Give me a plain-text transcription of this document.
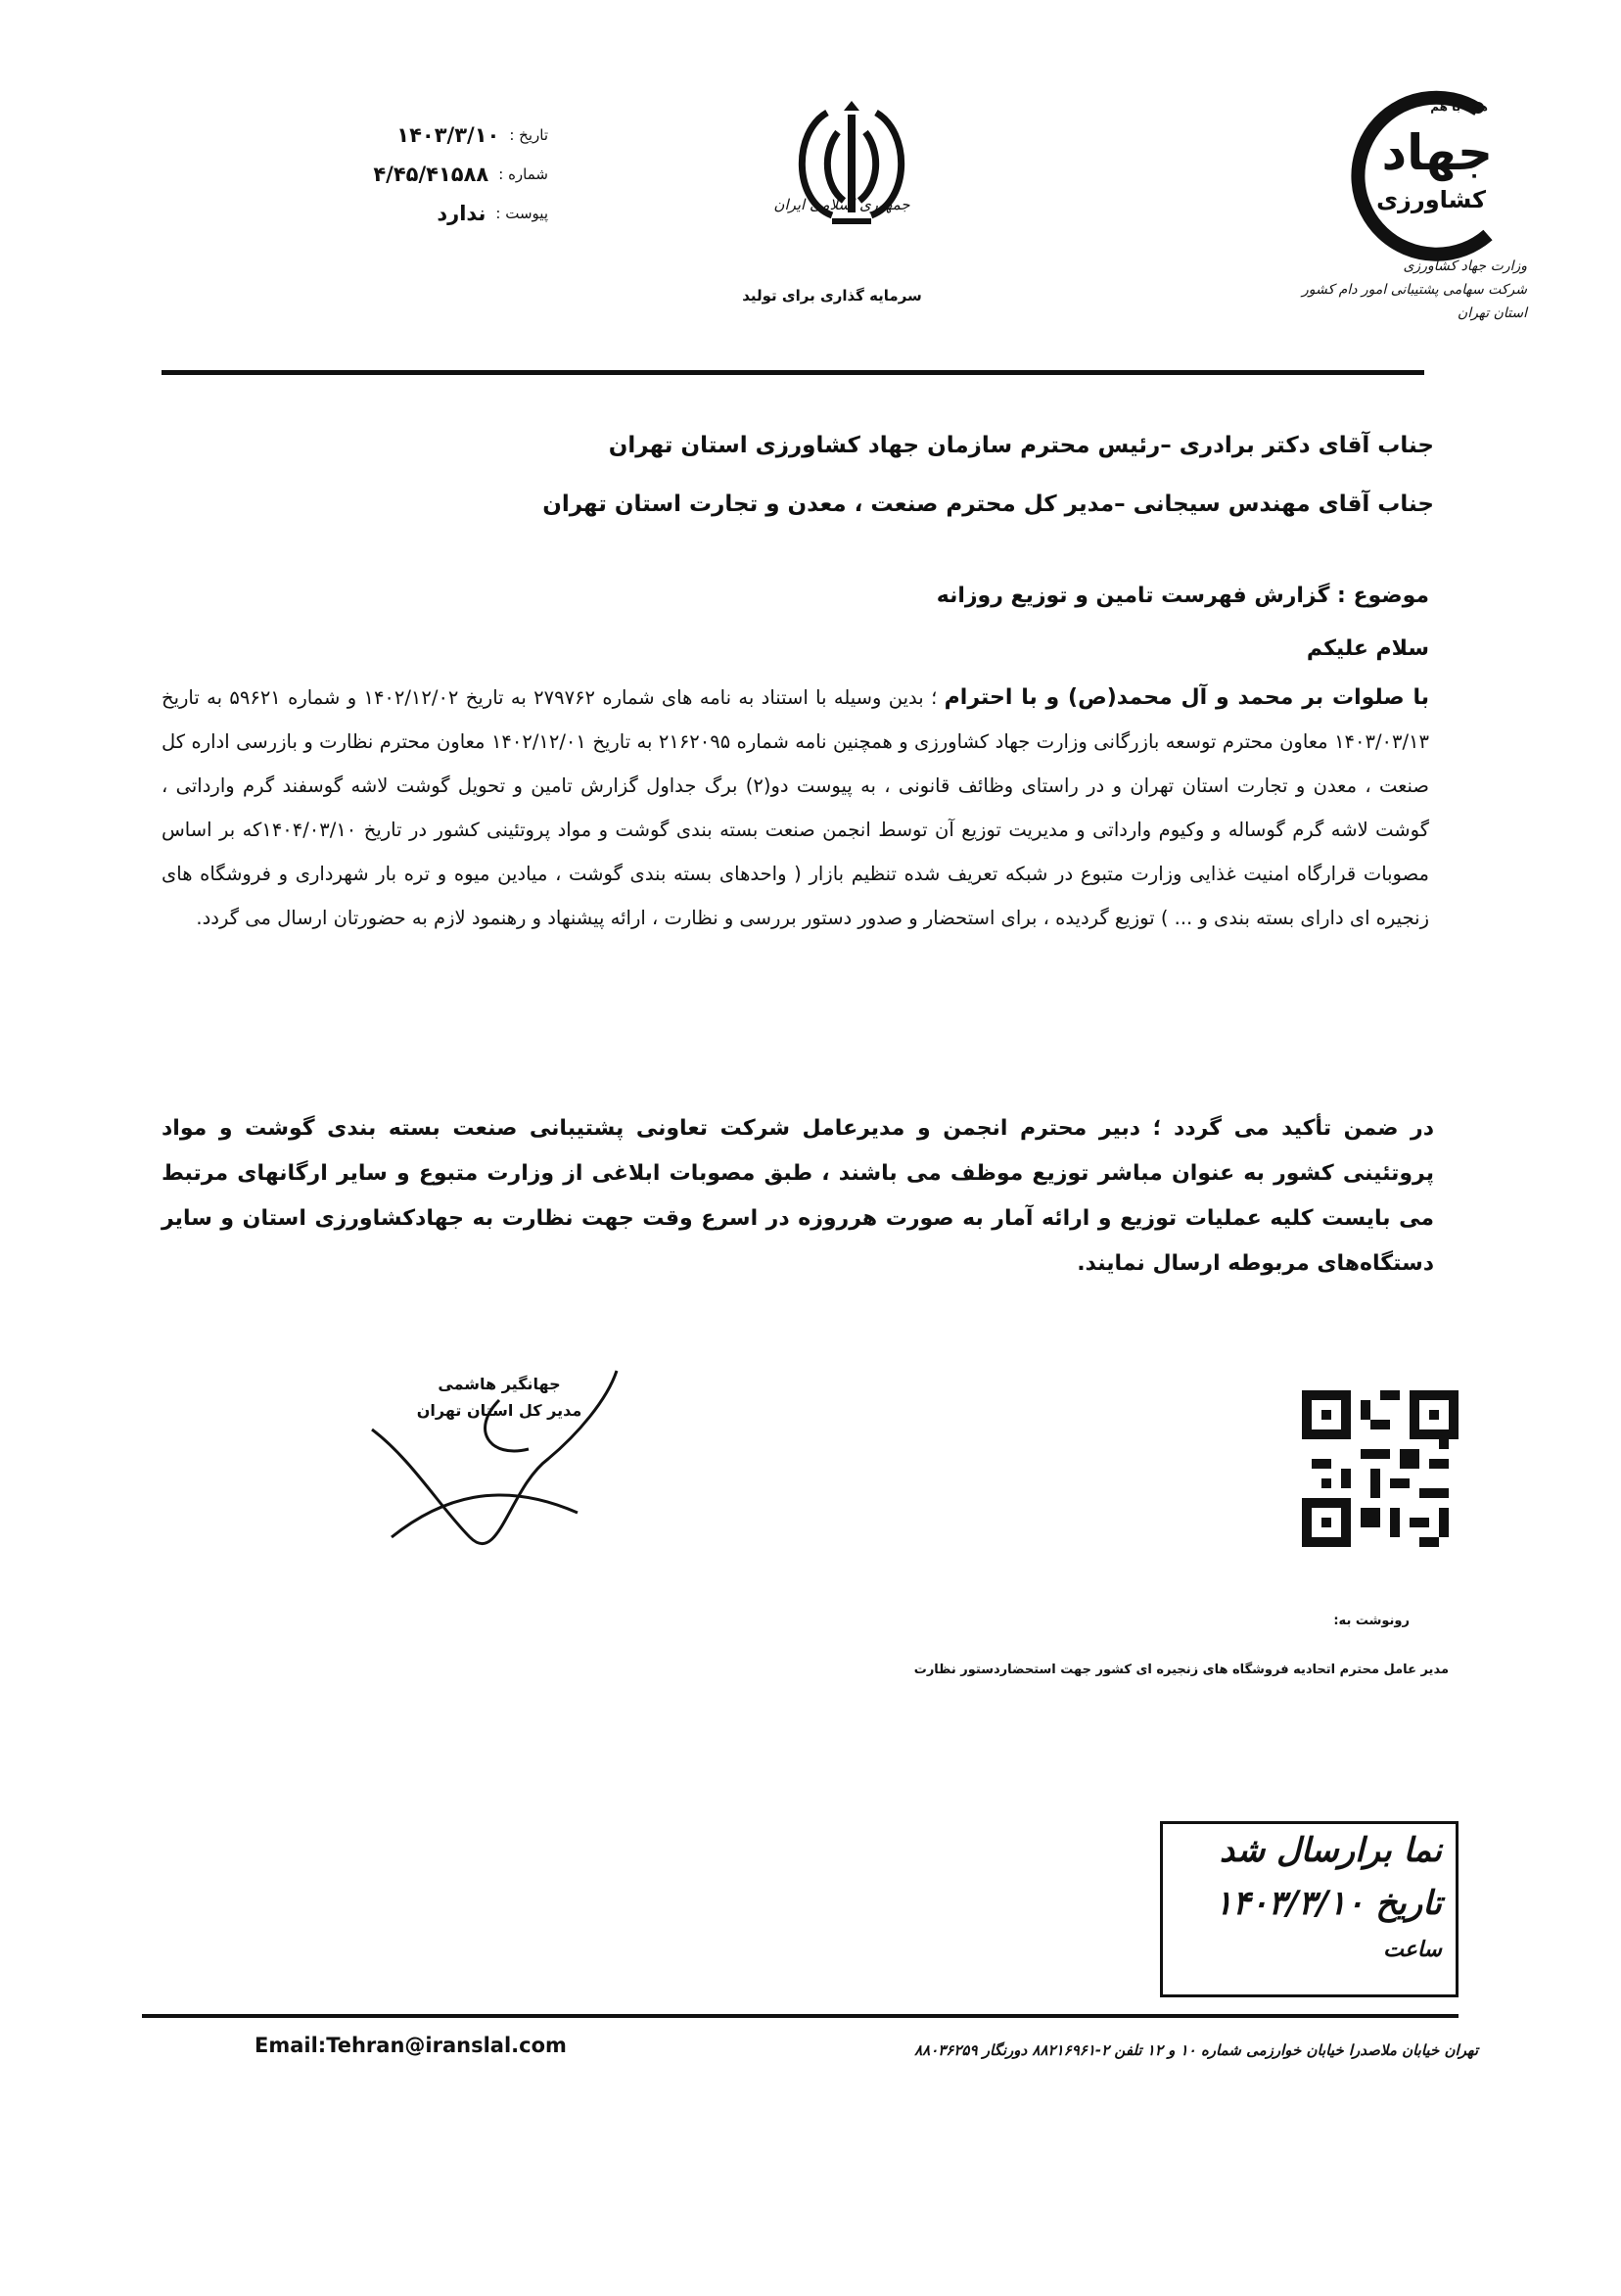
تاریخ :
۱۴۰۳/۳/۱۰
شماره :
۴/۴۵/۴۱۵۸۸
پیوست :
ندارد	جمهوری اسلامی ایران
سرمایه گذاری برای تولید
همه با هم
جهاد
کشاورزی
وزارت جهاد کشاورزی
شرکت سهامی پشتیبانی امور دام کشور
استان تهران
جناب آقای دکتر برادری –رئیس محترم سازمان جهاد کشاورزی استان تهران
جناب آقای مهندس سیجانی –مدیر کل محترم صنعت ، معدن و تجارت استان تهران
موضوع : گزارش فهرست تامین و توزیع روزانه
سلام علیکم
با صلوات بر محمد و آل محمد(ص) و با احترام ؛ بدین وسیله با استناد به نامه های شماره ۲۷۹۷۶۲ به تاریخ ۱۴۰۲/۱۲/۰۲ و شماره ۵۹۶۲۱ به تاریخ ۱۴۰۳/۰۳/۱۳ معاون محترم توسعه بازرگانی وزارت جهاد کشاورزی و همچنین نامه شماره ۲۱۶۲۰۹۵ به تاریخ ۱۴۰۲/۱۲/۰۱ معاون محترم نظارت و بازرسی اداره کل صنعت ، معدن و تجارت استان تهران و در راستای وظائف قانونی ، به پیوست دو(۲) برگ جداول گزارش تامین و تحویل گوشت لاشه گوسفند گرم وارداتی ، گوشت لاشه گرم گوساله و وکیوم وارداتی و مدیریت توزیع آن توسط انجمن صنعت بسته بندی گوشت و مواد پروتئینی کشور در تاریخ ۱۴۰۴/۰۳/۱۰که بر اساس مصوبات قرارگاه امنیت غذایی وزارت متبوع در شبکه تعریف شده تنظیم بازار ( واحدهای بسته بندی گوشت ، میادین میوه و تره بار شهرداری و فروشگاه های زنجیره ای دارای بسته بندی و ... ) توزیع گردیده ، برای استحضار و صدور دستور بررسی و نظارت ، ارائه پیشنهاد و رهنمود لازم به حضورتان ارسال می گردد.
در ضمن تأکید می گردد ؛ دبیر محترم انجمن و مدیرعامل شرکت تعاونی پشتیبانی صنعت بسته بندی گوشت و مواد پروتئینی کشور به عنوان مباشر توزیع موظف می باشند ، طبق مصوبات ابلاغی از وزارت متبوع و سایر ارگانهای مرتبط می بایست کلیه عملیات توزیع و ارائه آمار به صورت هرروزه در اسرع وقت جهت نظارت به جهادکشاورزی استان و سایر دستگاه‌های مربوطه ارسال نمایند.
جهانگیر هاشمی
مدیر کل استان تهران
رونوشت به:
مدیر عامل محترم اتحادیه فروشگاه های زنجیره ای کشور جهت استحضاردستور نظارت
نما برارسال شد
تاریخ ۱۴۰۳/۳/۱۰
ساعت
Email:Tehran@iranslal.com	تهران خیابان ملاصدرا خیابان خوارزمی شماره ۱۰ و ۱۲ تلفن ۲-۸۸۲۱۶۹۶۱ دورنگار ۸۸۰۳۶۲۵۹
